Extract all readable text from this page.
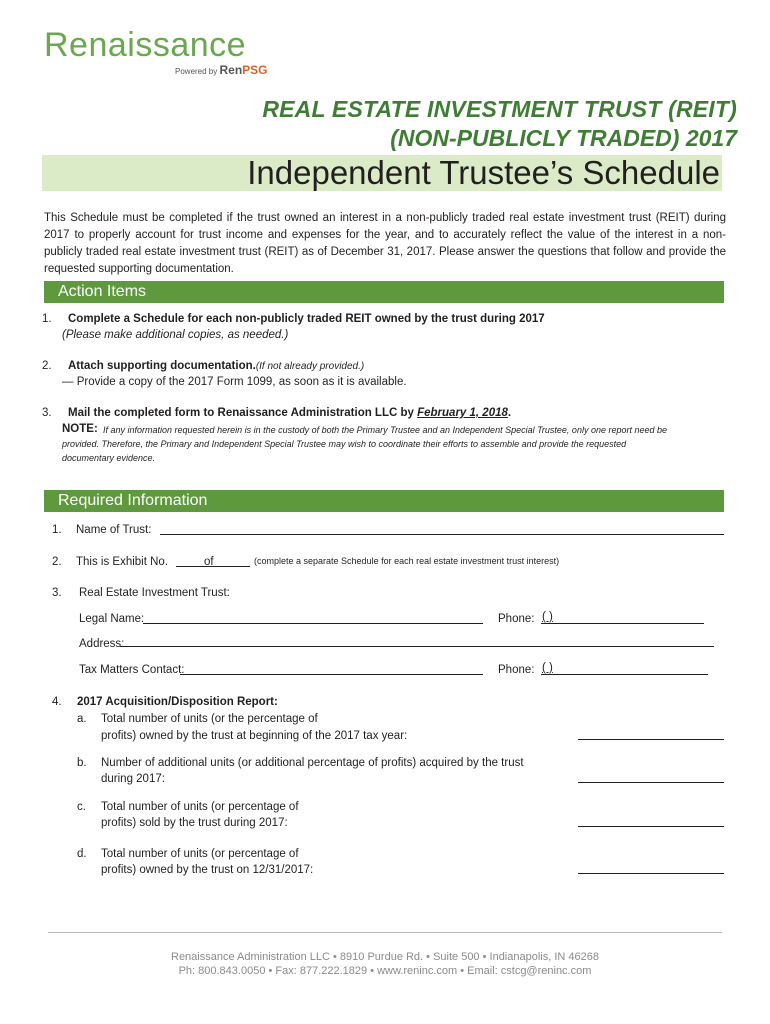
Renaissance
Powered by RenPSG
REAL ESTATE INVESTMENT TRUST (REIT)
(NON-PUBLICLY TRADED) 2017
Independent Trustee’s Schedule
This Schedule must be completed if the trust owned an interest in a non-publicly traded real estate investment trust (REIT) during 2017 to properly account for trust income and expenses for the year, and to accurately reflect the value of the interest in a non-publicly traded real estate investment trust (REIT) as of December 31, 2017. Please answer the questions that follow and provide the requested supporting documentation.
Action Items
1. Complete a Schedule for each non-publicly traded REIT owned by the trust during 2017
(Please make additional copies, as needed.)
2. Attach supporting documentation.(If not already provided.)
— Provide a copy of the 2017 Form 1099, as soon as it is available.
3. Mail the completed form to Renaissance Administration LLC by February 1, 2018.
NOTE: If any information requested herein is in the custody of both the Primary Trustee and an Independent Special Trustee, only one report need be
provided. Therefore, the Primary and Independent Special Trustee may wish to coordinate their efforts to assemble and provide the requested
documentary evidence.
Required Information
1. Name of Trust:
2. This is Exhibit No.	of	(complete a separate Schedule for each real estate investment trust interest)
3. Real Estate Investment Trust:
Legal Name:	Phone: ( )
Address:
Tax Matters Contact:	Phone: ( )
4. 2017 Acquisition/Disposition Report:
a. Total number of units (or the percentage of
profits) owned by the trust at beginning of the 2017 tax year:
b. Number of additional units (or additional percentage of profits) acquired by the trust
during 2017:
c. Total number of units (or percentage of
profits) sold by the trust during 2017:
d. Total number of units (or percentage of
profits) owned by the trust on 12/31/2017:
Renaissance Administration LLC • 8910 Purdue Rd. • Suite 500 • Indianapolis, IN 46268
Ph: 800.843.0050 • Fax: 877.222.1829 • www.reninc.com • Email: cstcg@reninc.com
